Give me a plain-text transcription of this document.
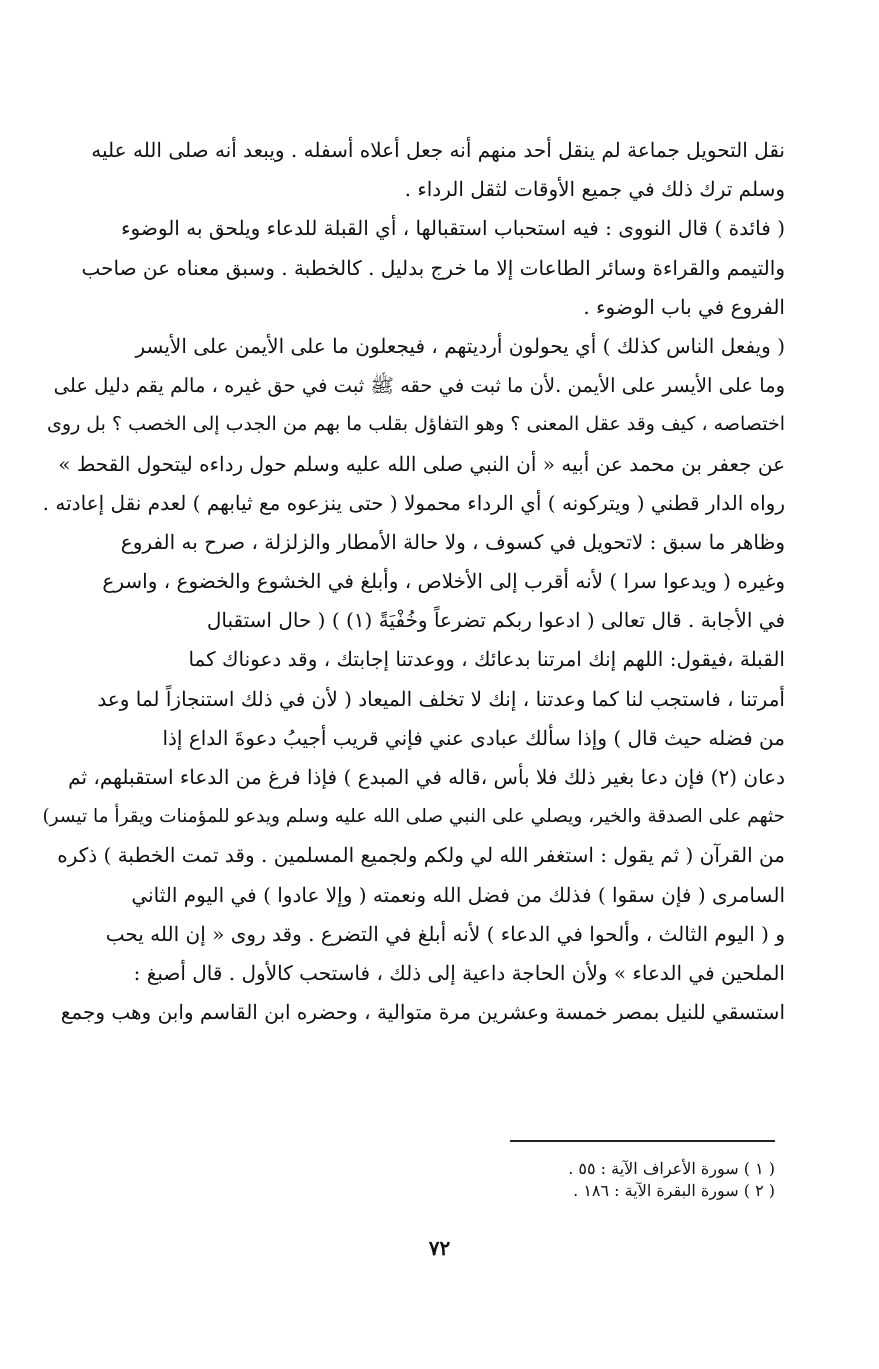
نقل التحويل جماعة لم ينقل أحد منهم أنه جعل أعلاه أسفله . ويبعد أنه صلى الله عليه
وسلم ترك ذلك في جميع الأوقات لثقل الرداء .
( فائدة ) قال النووى : فيه استحباب استقبالها ، أي القبلة للدعاء ويلحق به الوضوء
والتيمم والقراءة وسائر الطاعات إلا ما خرج بدليل . كالخطبة . وسبق معناه عن صاحب
الفروع في باب الوضوء .
( ويفعل الناس كذلك ) أي يحولون أرديتهم ، فيجعلون ما على الأيمن على الأيسر
وما على الأيسر على الأيمن .لأن ما ثبت في حقه ﷺ ثبت في حق غيره ، مالم يقم دليل على
اختصاصه ، كيف وقد عقل المعنى ؟ وهو التفاؤل بقلب ما بهم من الجدب إلى الخصب ؟ بل روى
عن جعفر بن محمد عن أبيه « أن النبي صلى الله عليه وسلم حول رداءه ليتحول القحط »
رواه الدار قطني ( ويتركونه ) أي الرداء محمولا ( حتى ينزعوه مع ثيابهم ) لعدم نقل إعادته .
وظاهر ما سبق : لاتحويل في كسوف ، ولا حالة الأمطار والزلزلة ، صرح به الفروع
وغيره ( ويدعوا سرا ) لأنه أقرب إلى الأخلاص ، وأبلغ في الخشوع والخضوع ، واسرع
في الأجابة . قال تعالى ( ادعوا ربكم تضرعاً وخُفْيَةً (١) ) ( حال استقبال
القبلة ،فيقول: اللهم إنك امرتنا بدعائك ، ووعدتنا إجابتك ، وقد دعوناك كما
أمرتنا ، فاستجب لنا كما وعدتنا ، إنك لا تخلف الميعاد ( لأن في ذلك استنجازاً لما وعد
من فضله حيث قال ) وإذا سألك عبادى عني فإني قريب أجيبُ دعوةَ الداع إذا
دعان (٢) فإن دعا بغير ذلك فلا بأس ،قاله في المبدع ) فإذا فرغ من الدعاء استقبلهم، ثم
حثهم على الصدقة والخير، ويصلي على النبي صلى الله عليه وسلم ويدعو للمؤمنات ويقرأ ما تيسر)
من القرآن ( ثم يقول : استغفر الله لي ولكم ولجميع المسلمين . وقد تمت الخطبة ) ذكره
السامرى ( فإن سقوا ) فذلك من فضل الله ونعمته ( وإلا عادوا ) في اليوم الثاني
و ( اليوم الثالث ، وألحوا في الدعاء ) لأنه أبلغ في التضرع . وقد روى « إن الله يحب
الملحين في الدعاء » ولأن الحاجة داعية إلى ذلك ، فاستحب كالأول . قال أصبغ :
استسقي للنيل بمصر خمسة وعشرين مرة متوالية ، وحضره ابن القاسم وابن وهب وجمع
( ١ ) سورة الأعراف الآية : ٥٥ .
( ٢ ) سورة البقرة الآية : ١٨٦ .
٧٢
